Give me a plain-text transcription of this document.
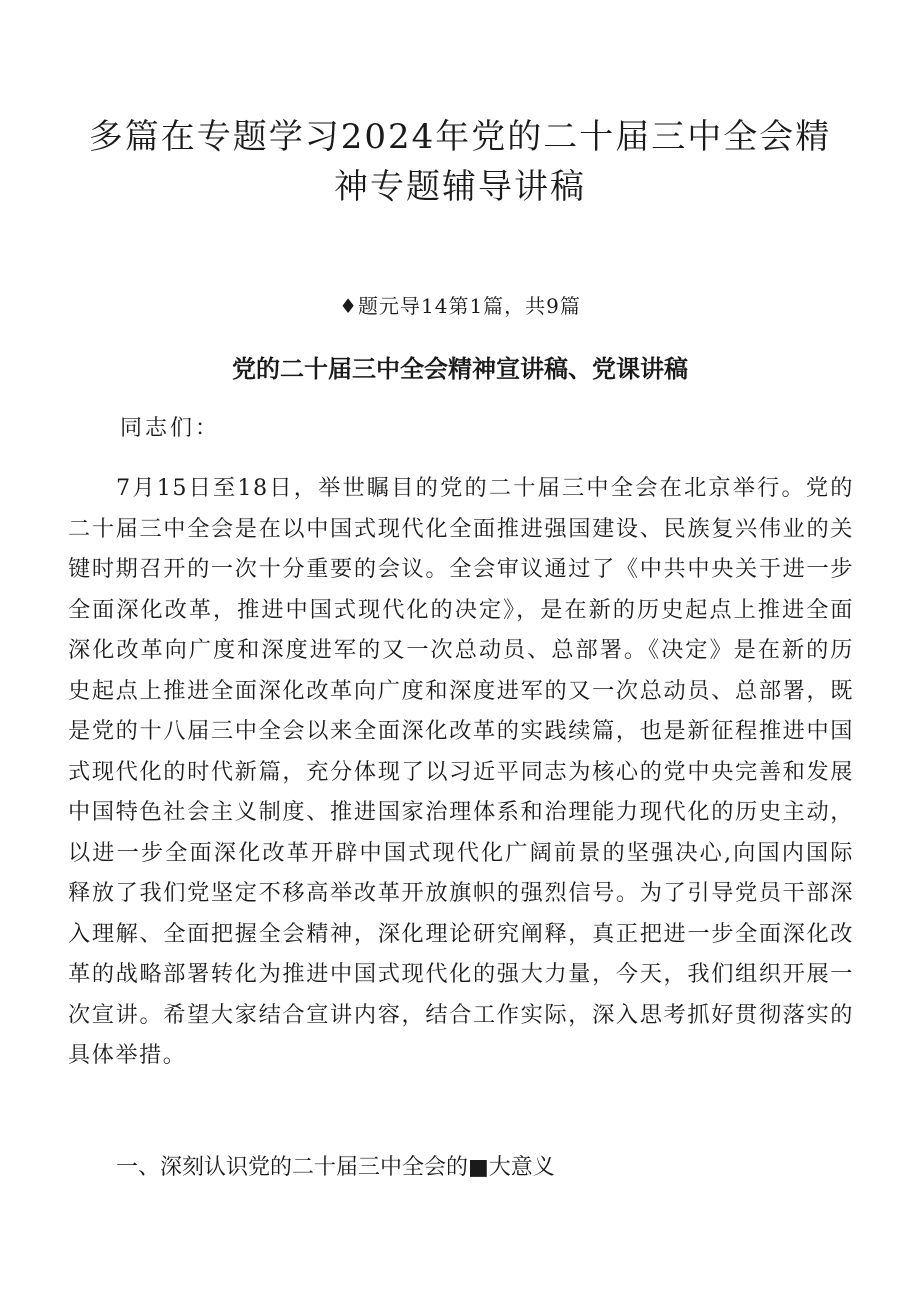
多篇在专题学习2024年党的二十届三中全会精神专题辅导讲稿
♦题元导14第1篇，共9篇
党的二十届三中全会精神宣讲稿、党课讲稿
同志们：

7月15日至18日，举世瞩目的党的二十届三中全会在北京举行。党的二十届三中全会是在以中国式现代化全面推进强国建设、民族复兴伟业的关键时期召开的一次十分重要的会议。全会审议通过了《中共中央关于进一步全面深化改革，推进中国式现代化的决定》，是在新的历史起点上推进全面深化改革向广度和深度进军的又一次总动员、总部署。《决定》是在新的历史起点上推进全面深化改革向广度和深度进军的又一次总动员、总部署，既是党的十八届三中全会以来全面深化改革的实践续篇，也是新征程推进中国式现代化的时代新篇，充分体现了以习近平同志为核心的党中央完善和发展中国特色社会主义制度、推进国家治理体系和治理能力现代化的历史主动，以进一步全面深化改革开辟中国式现代化广阔前景的坚强决心,向国内国际释放了我们党坚定不移高举改革开放旗帜的强烈信号。为了引导党员干部深入理解、全面把握全会精神，深化理论研究阐释，真正把进一步全面深化改革的战略部署转化为推进中国式现代化的强大力量，今天，我们组织开展一次宣讲。希望大家结合宣讲内容，结合工作实际，深入思考抓好贯彻落实的具体举措。

一、深刻认识党的二十届三中全会的■大意义
